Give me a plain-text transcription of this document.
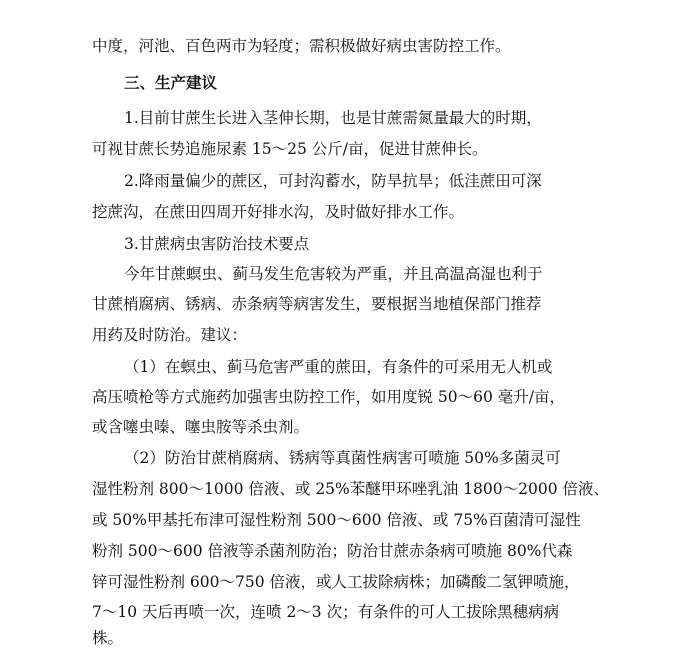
中度，河池、百色两市为轻度；需积极做好病虫害防控工作。
三、生产建议
1.目前甘蔗生长进入茎伸长期，也是甘蔗需氮量最大的时期，
可视甘蔗长势追施尿素 15～25 公斤/亩，促进甘蔗伸长。
2.降雨量偏少的蔗区，可封沟蓄水，防旱抗旱；低洼蔗田可深
挖蔗沟，在蔗田四周开好排水沟，及时做好排水工作。
3.甘蔗病虫害防治技术要点
今年甘蔗螟虫、蓟马发生危害较为严重，并且高温高湿也利于
甘蔗梢腐病、锈病、赤条病等病害发生，要根据当地植保部门推荐
用药及时防治。建议：
（1）在螟虫、蓟马危害严重的蔗田，有条件的可采用无人机或
高压喷枪等方式施药加强害虫防控工作，如用度锐 50～60 毫升/亩，
或含噻虫嗪、噻虫胺等杀虫剂。
（2）防治甘蔗梢腐病、锈病等真菌性病害可喷施 50%多菌灵可
湿性粉剂 800～1000 倍液、或 25%苯醚甲环唑乳油 1800～2000 倍液、
或 50%甲基托布津可湿性粉剂 500～600 倍液、或 75%百菌清可湿性
粉剂 500～600 倍液等杀菌剂防治；防治甘蔗赤条病可喷施 80%代森
锌可湿性粉剂 600～750 倍液，或人工拔除病株；加磷酸二氢钾喷施，
7～10 天后再喷一次，连喷 2～3 次；有条件的可人工拔除黑穗病病
株。
